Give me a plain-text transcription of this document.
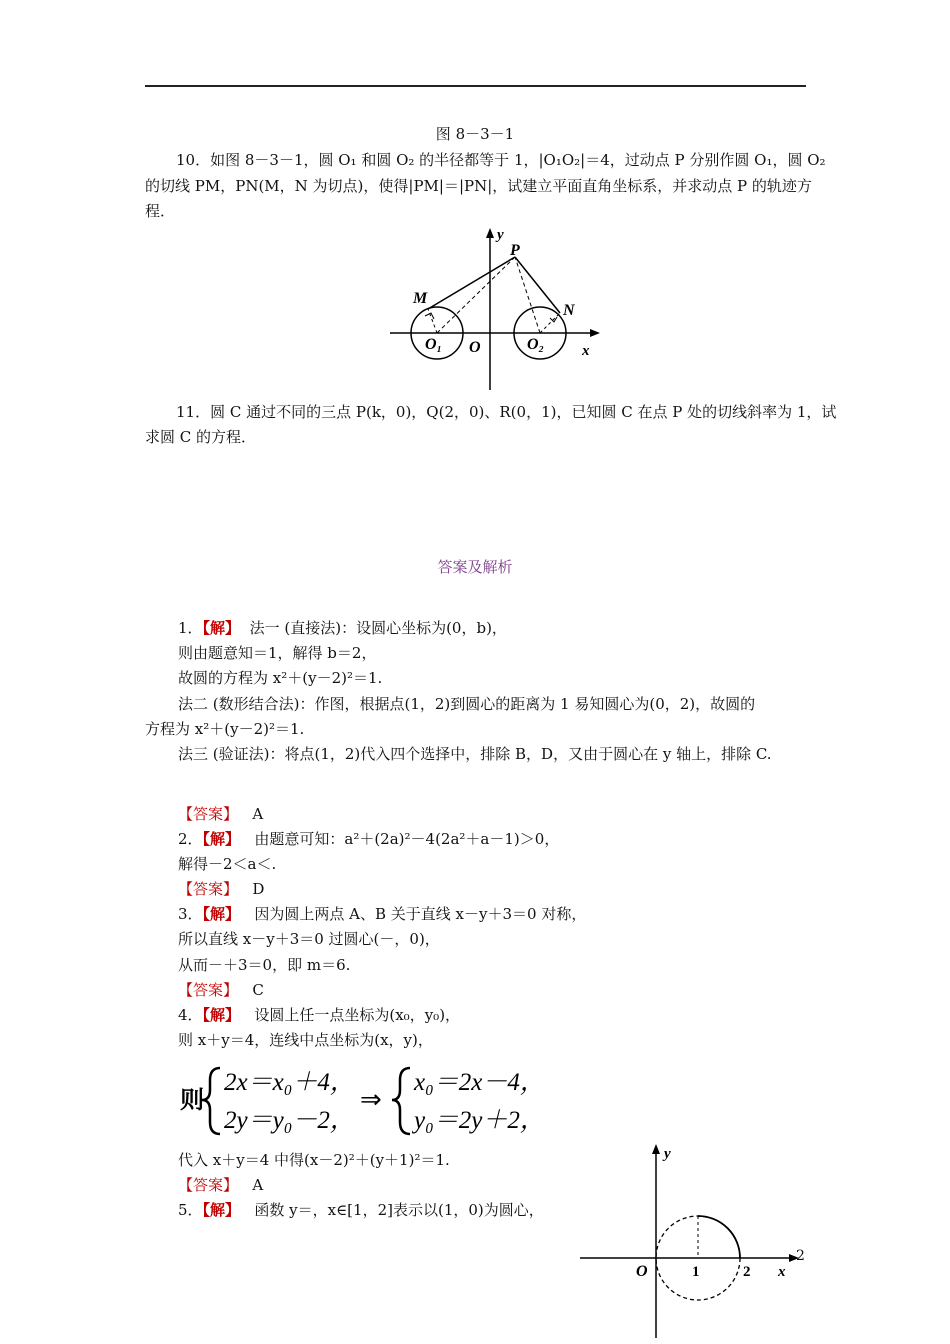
图 8－3－1
10．如图 8－3－1，圆 O₁ 和圆 O₂ 的半径都等于 1，|O₁O₂|＝4，过动点 P 分别作圆 O₁，圆 O₂
的切线 PM，PN(M，N 为切点)，使得|PM|＝|PN|，试建立平面直角坐标系，并求动点 P 的轨迹方
程．
y
P
M
N
O₁ O	O₂	x
11．圆 C 通过不同的三点 P(k，0)，Q(2，0)、R(0，1)，已知圆 C 在点 P 处的切线斜率为 1，试
求圆 C 的方程．
答案及解析
1．【解】 法一 (直接法)：设圆心坐标为(0，b)，
则由题意知＝1，解得 b＝2，
故圆的方程为 x²＋(y－2)²＝1.
法二 (数形结合法)：作图，根据点(1，2)到圆心的距离为 1 易知圆心为(0，2)，故圆的
方程为 x²＋(y－2)²＝1.
法三 (验证法)：将点(1，2)代入四个选择中，排除 B，D，又由于圆心在 y 轴上，排除 C.
【答案】 A
2．【解】 由题意可知：a²＋(2a)²－4(2a²＋a－1)＞0，
解得－2＜a＜.
【答案】 D
3．【解】 因为圆上两点 A、B 关于直线 x－y＋3＝0 对称，
所以直线 x－y＋3＝0 过圆心(－，0)，
从而－＋3＝0，即 m＝6.
【答案】 C
4．【解】 设圆上任一点坐标为(x₀，y₀)，
则 x＋y＝4，连线中点坐标为(x，y)，
则
2x＝x₀＋4，
2y＝y₀－2，
⇒
x₀＝2x－4，
y₀＝2y＋2，
代入 x＋y＝4 中得(x－2)²＋(y＋1)²＝1.
【答案】 A
5．【解】 函数 y＝，x∈[1，2]表示以(1，0)为圆心，
y
O	1	2 x
2
